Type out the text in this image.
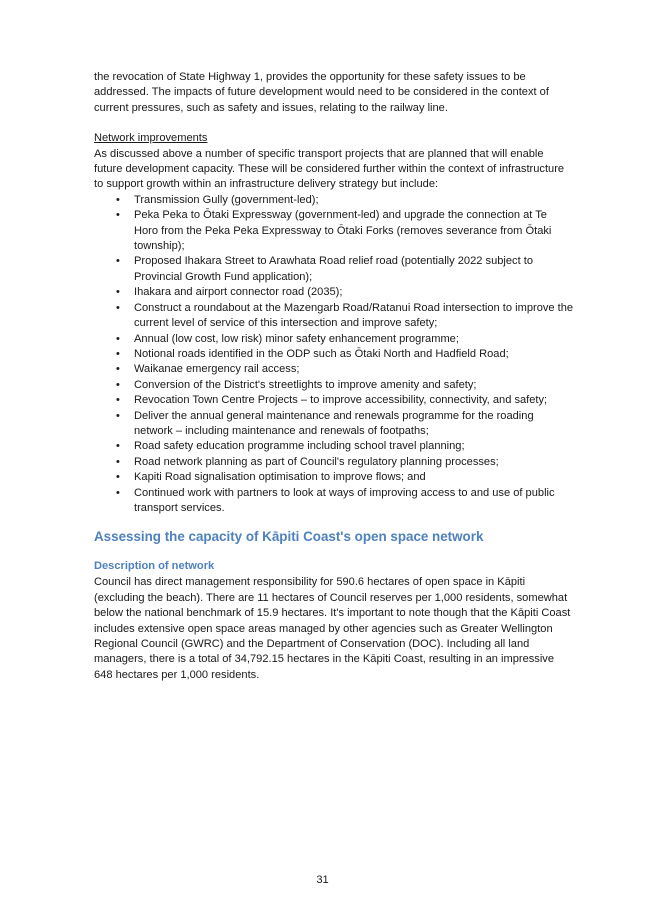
the revocation of State Highway 1, provides the opportunity for these safety issues to be addressed. The impacts of future development would need to be considered in the context of current pressures, such as safety and issues, relating to the railway line.

Network improvements

As discussed above a number of specific transport projects that are planned that will enable future development capacity. These will be considered further within the context of infrastructure to support growth within an infrastructure delivery strategy but include:

• Transmission Gully (government-led);
• Peka Peka to Ōtaki Expressway (government-led) and upgrade the connection at Te Horo from the Peka Peka Expressway to Ōtaki Forks (removes severance from Ōtaki township);
• Proposed Ihakara Street to Arawhata Road relief road (potentially 2022 subject to Provincial Growth Fund application);
• Ihakara and airport connector road (2035);
• Construct a roundabout at the Mazengarb Road/Ratanui Road intersection to improve the current level of service of this intersection and improve safety;
• Annual (low cost, low risk) minor safety enhancement programme;
• Notional roads identified in the ODP such as Ōtaki North and Hadfield Road;
• Waikanae emergency rail access;
• Conversion of the District's streetlights to improve amenity and safety;
• Revocation Town Centre Projects – to improve accessibility, connectivity, and safety;
• Deliver the annual general maintenance and renewals programme for the roading network – including maintenance and renewals of footpaths;
• Road safety education programme including school travel planning;
• Road network planning as part of Council's regulatory planning processes;
• Kapiti Road signalisation optimisation to improve flows; and
• Continued work with partners to look at ways of improving access to and use of public transport services.
Assessing the capacity of Kāpiti Coast's open space network
Description of network

Council has direct management responsibility for 590.6 hectares of open space in Kāpiti (excluding the beach). There are 11 hectares of Council reserves per 1,000 residents, somewhat below the national benchmark of 15.9 hectares. It's important to note though that the Kāpiti Coast includes extensive open space areas managed by other agencies such as Greater Wellington Regional Council (GWRC) and the Department of Conservation (DOC). Including all land managers, there is a total of 34,792.15 hectares in the Kāpiti Coast, resulting in an impressive 648 hectares per 1,000 residents.

31
